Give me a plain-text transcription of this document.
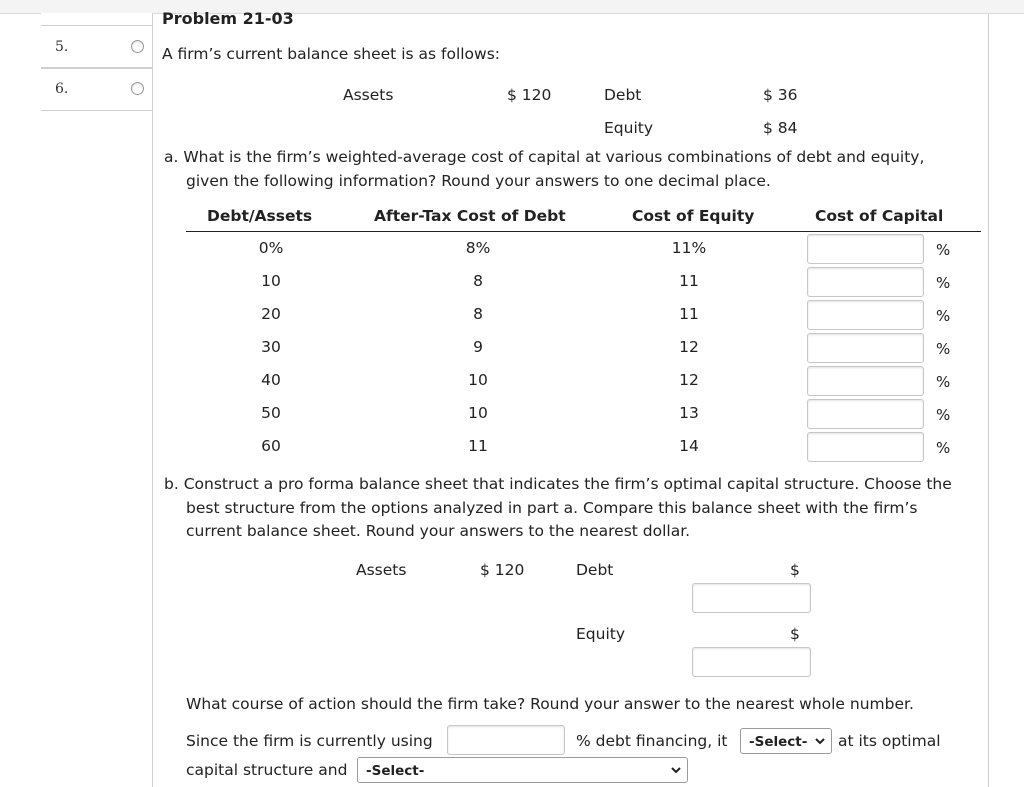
5.
6.
Problem 21-03
A firm’s current balance sheet is as follows:
Assets	$ 120	Debt	$ 36
Equity	$ 84
a. What is the firm’s weighted-average cost of capital at various combinations of debt and equity,
given the following information? Round your answers to one decimal place.
Debt/Assets	After-Tax Cost of Debt	Cost of Equity	Cost of Capital
0%	8%	11%	%
10	8	11	%
20	8	11	%
30	9	12	%
40	10	12	%
50	10	13	%
60	11	14	%
b. Construct a pro forma balance sheet that indicates the firm’s optimal capital structure. Choose the
best structure from the options analyzed in part a. Compare this balance sheet with the firm’s
current balance sheet. Round your answers to the nearest dollar.
Assets	$ 120	Debt	$
Equity	$
What course of action should the firm take? Round your answer to the nearest whole number.
Since the firm is currently using	% debt financing, it	-Select-	at its optimal
capital structure and	-Select-
